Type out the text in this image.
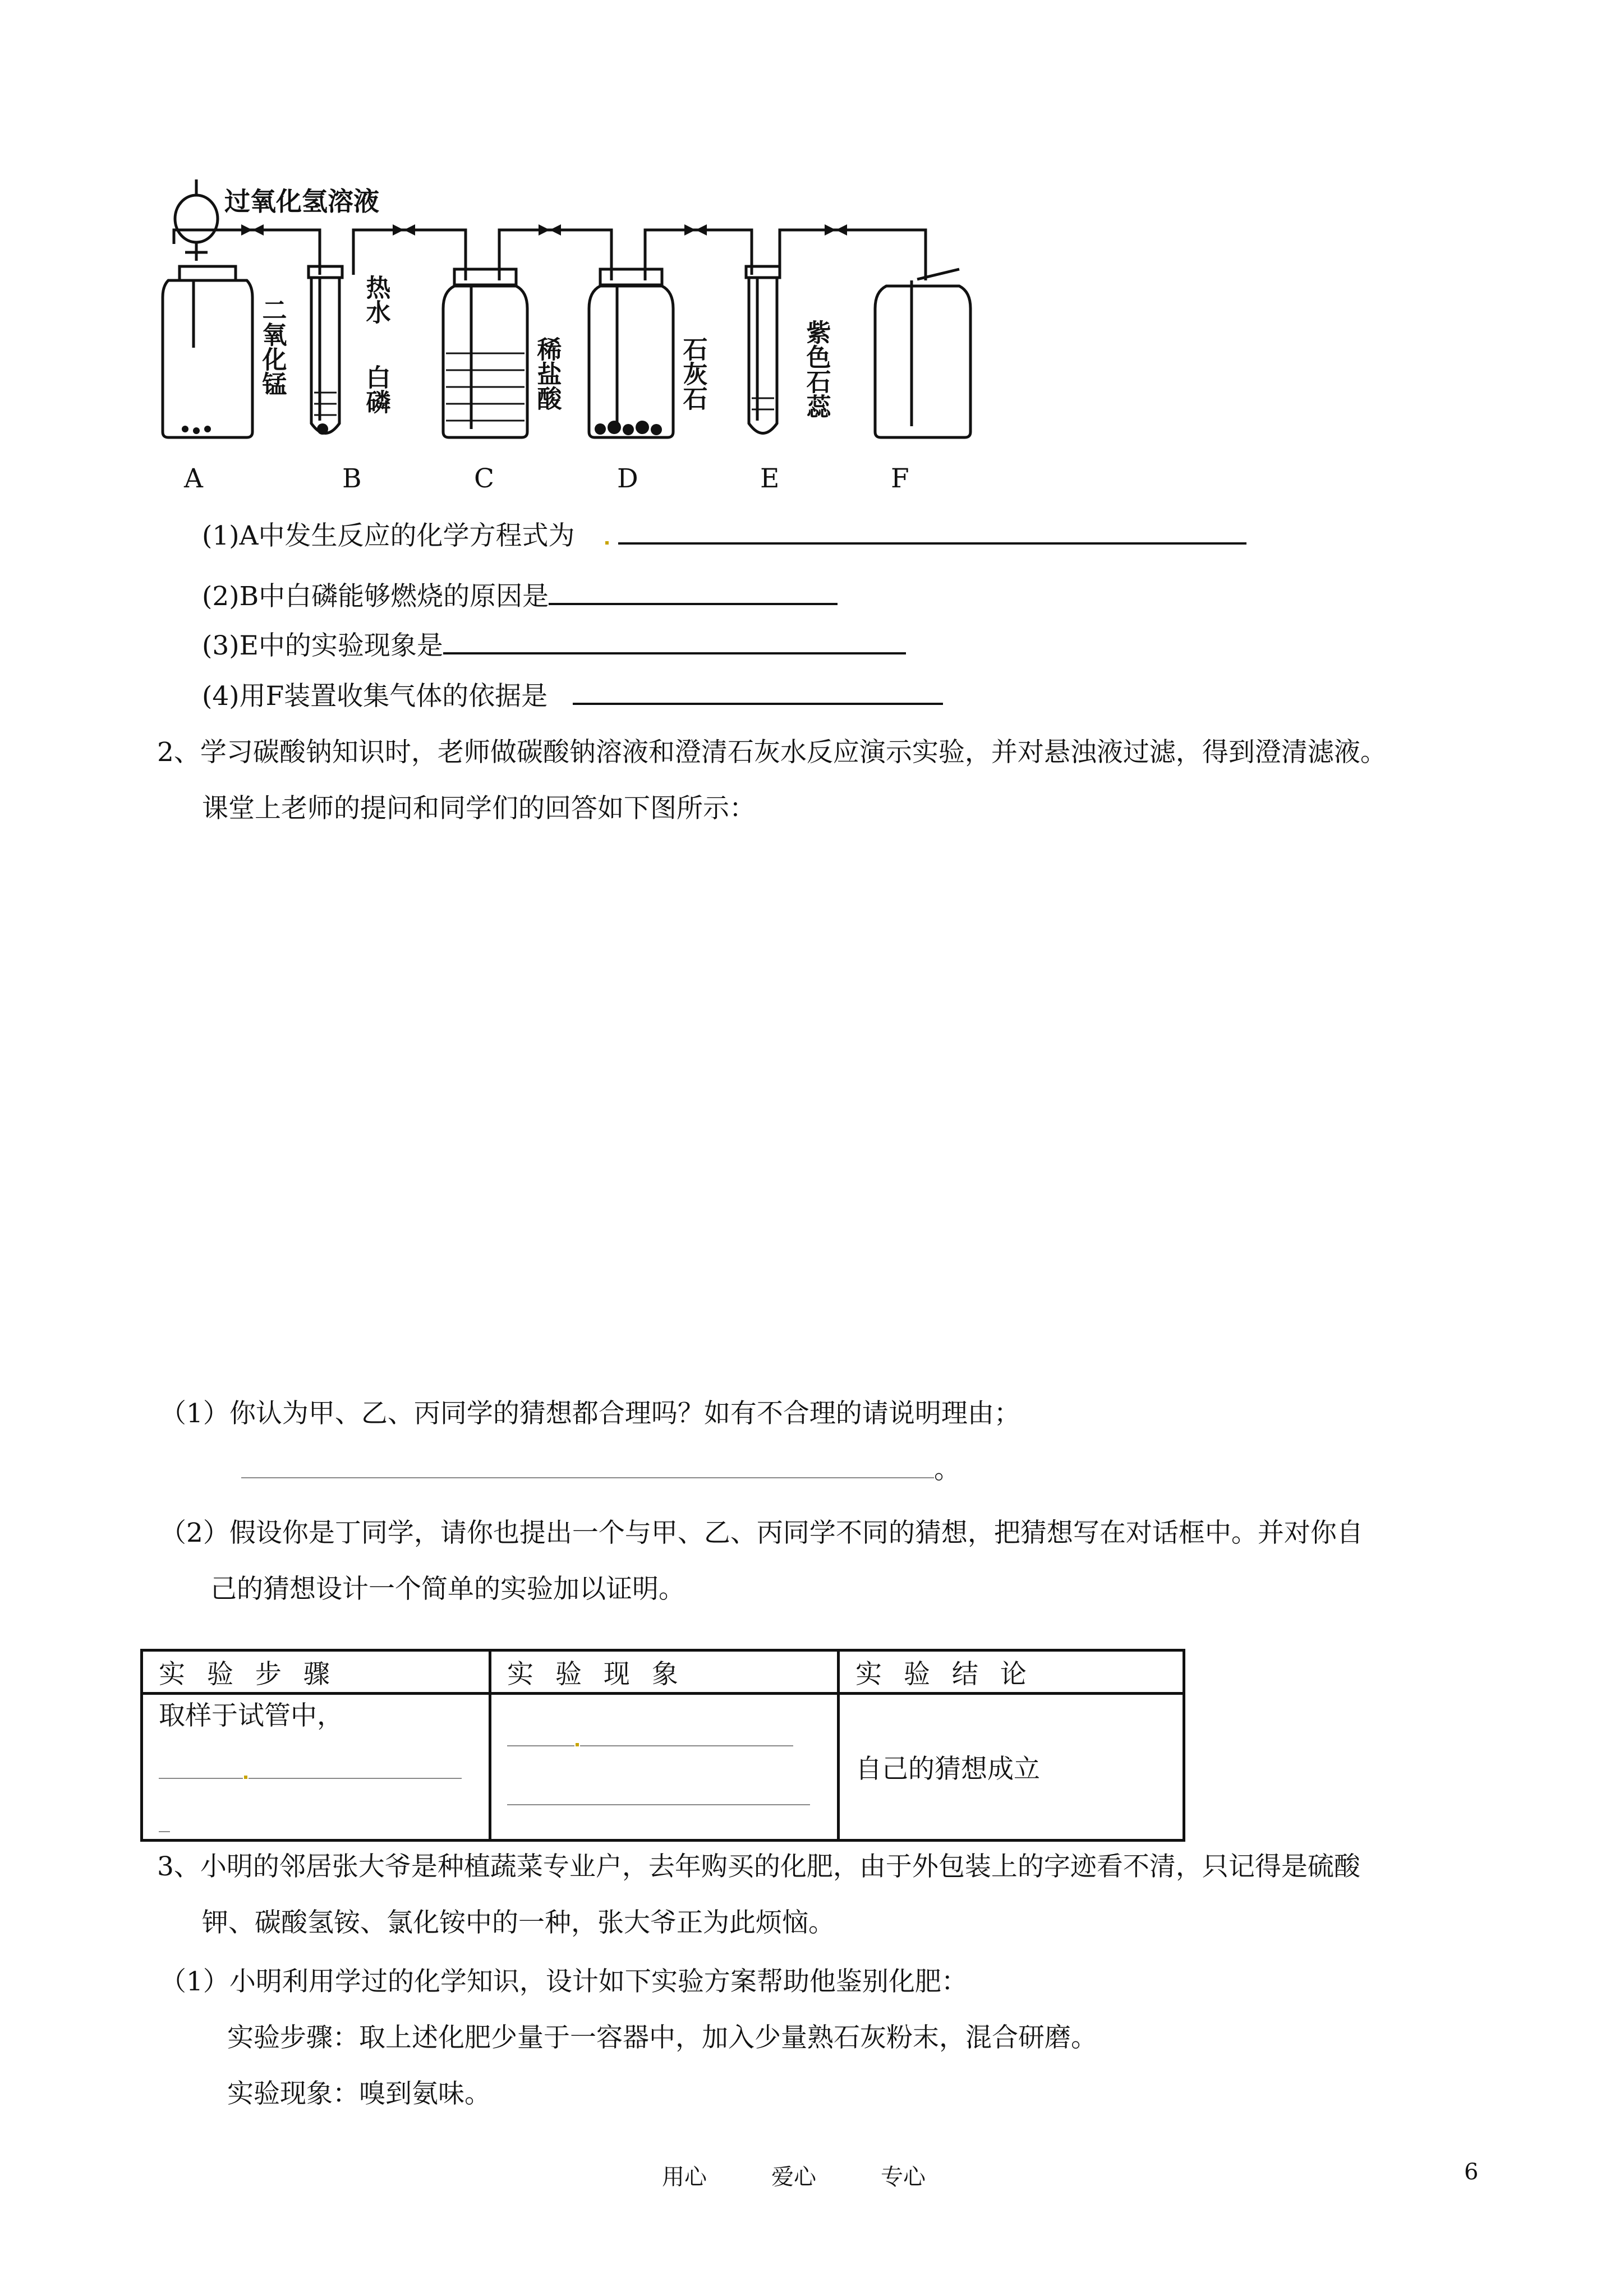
过氧化氢溶液
二氧化锰	热水
白磷	稀盐酸	石灰石	紫色石蕊
A	B	C	D	E	F
(1)A中发生反应的化学方程式为
(2)B中白磷能够燃烧的原因是
(3)E中的实验现象是
(4)用F装置收集气体的依据是
2、学习碳酸钠知识时，老师做碳酸钠溶液和澄清石灰水反应演示实验，并对悬浊液过滤，得到澄清滤液。
课堂上老师的提问和同学们的回答如下图所示：
（1）你认为甲、乙、丙同学的猜想都合理吗？如有不合理的请说明理由；
。
（2）假设你是丁同学，请你也提出一个与甲、乙、丙同学不同的猜想，把猜想写在对话框中。并对你自
己的猜想设计一个简单的实验加以证明。
实 验 步 骤	实 验 现 象	实 验 结 论

取样于试管中，		自己的猜想成立
3、小明的邻居张大爷是种植蔬菜专业户，去年购买的化肥，由于外包装上的字迹看不清，只记得是硫酸
钾、碳酸氢铵、氯化铵中的一种，张大爷正为此烦恼。
（1）小明利用学过的化学知识，设计如下实验方案帮助他鉴别化肥：
实验步骤：取上述化肥少量于一容器中，加入少量熟石灰粉末，混合研磨。
实验现象：嗅到氨味。
用心	爱心	专心	6
